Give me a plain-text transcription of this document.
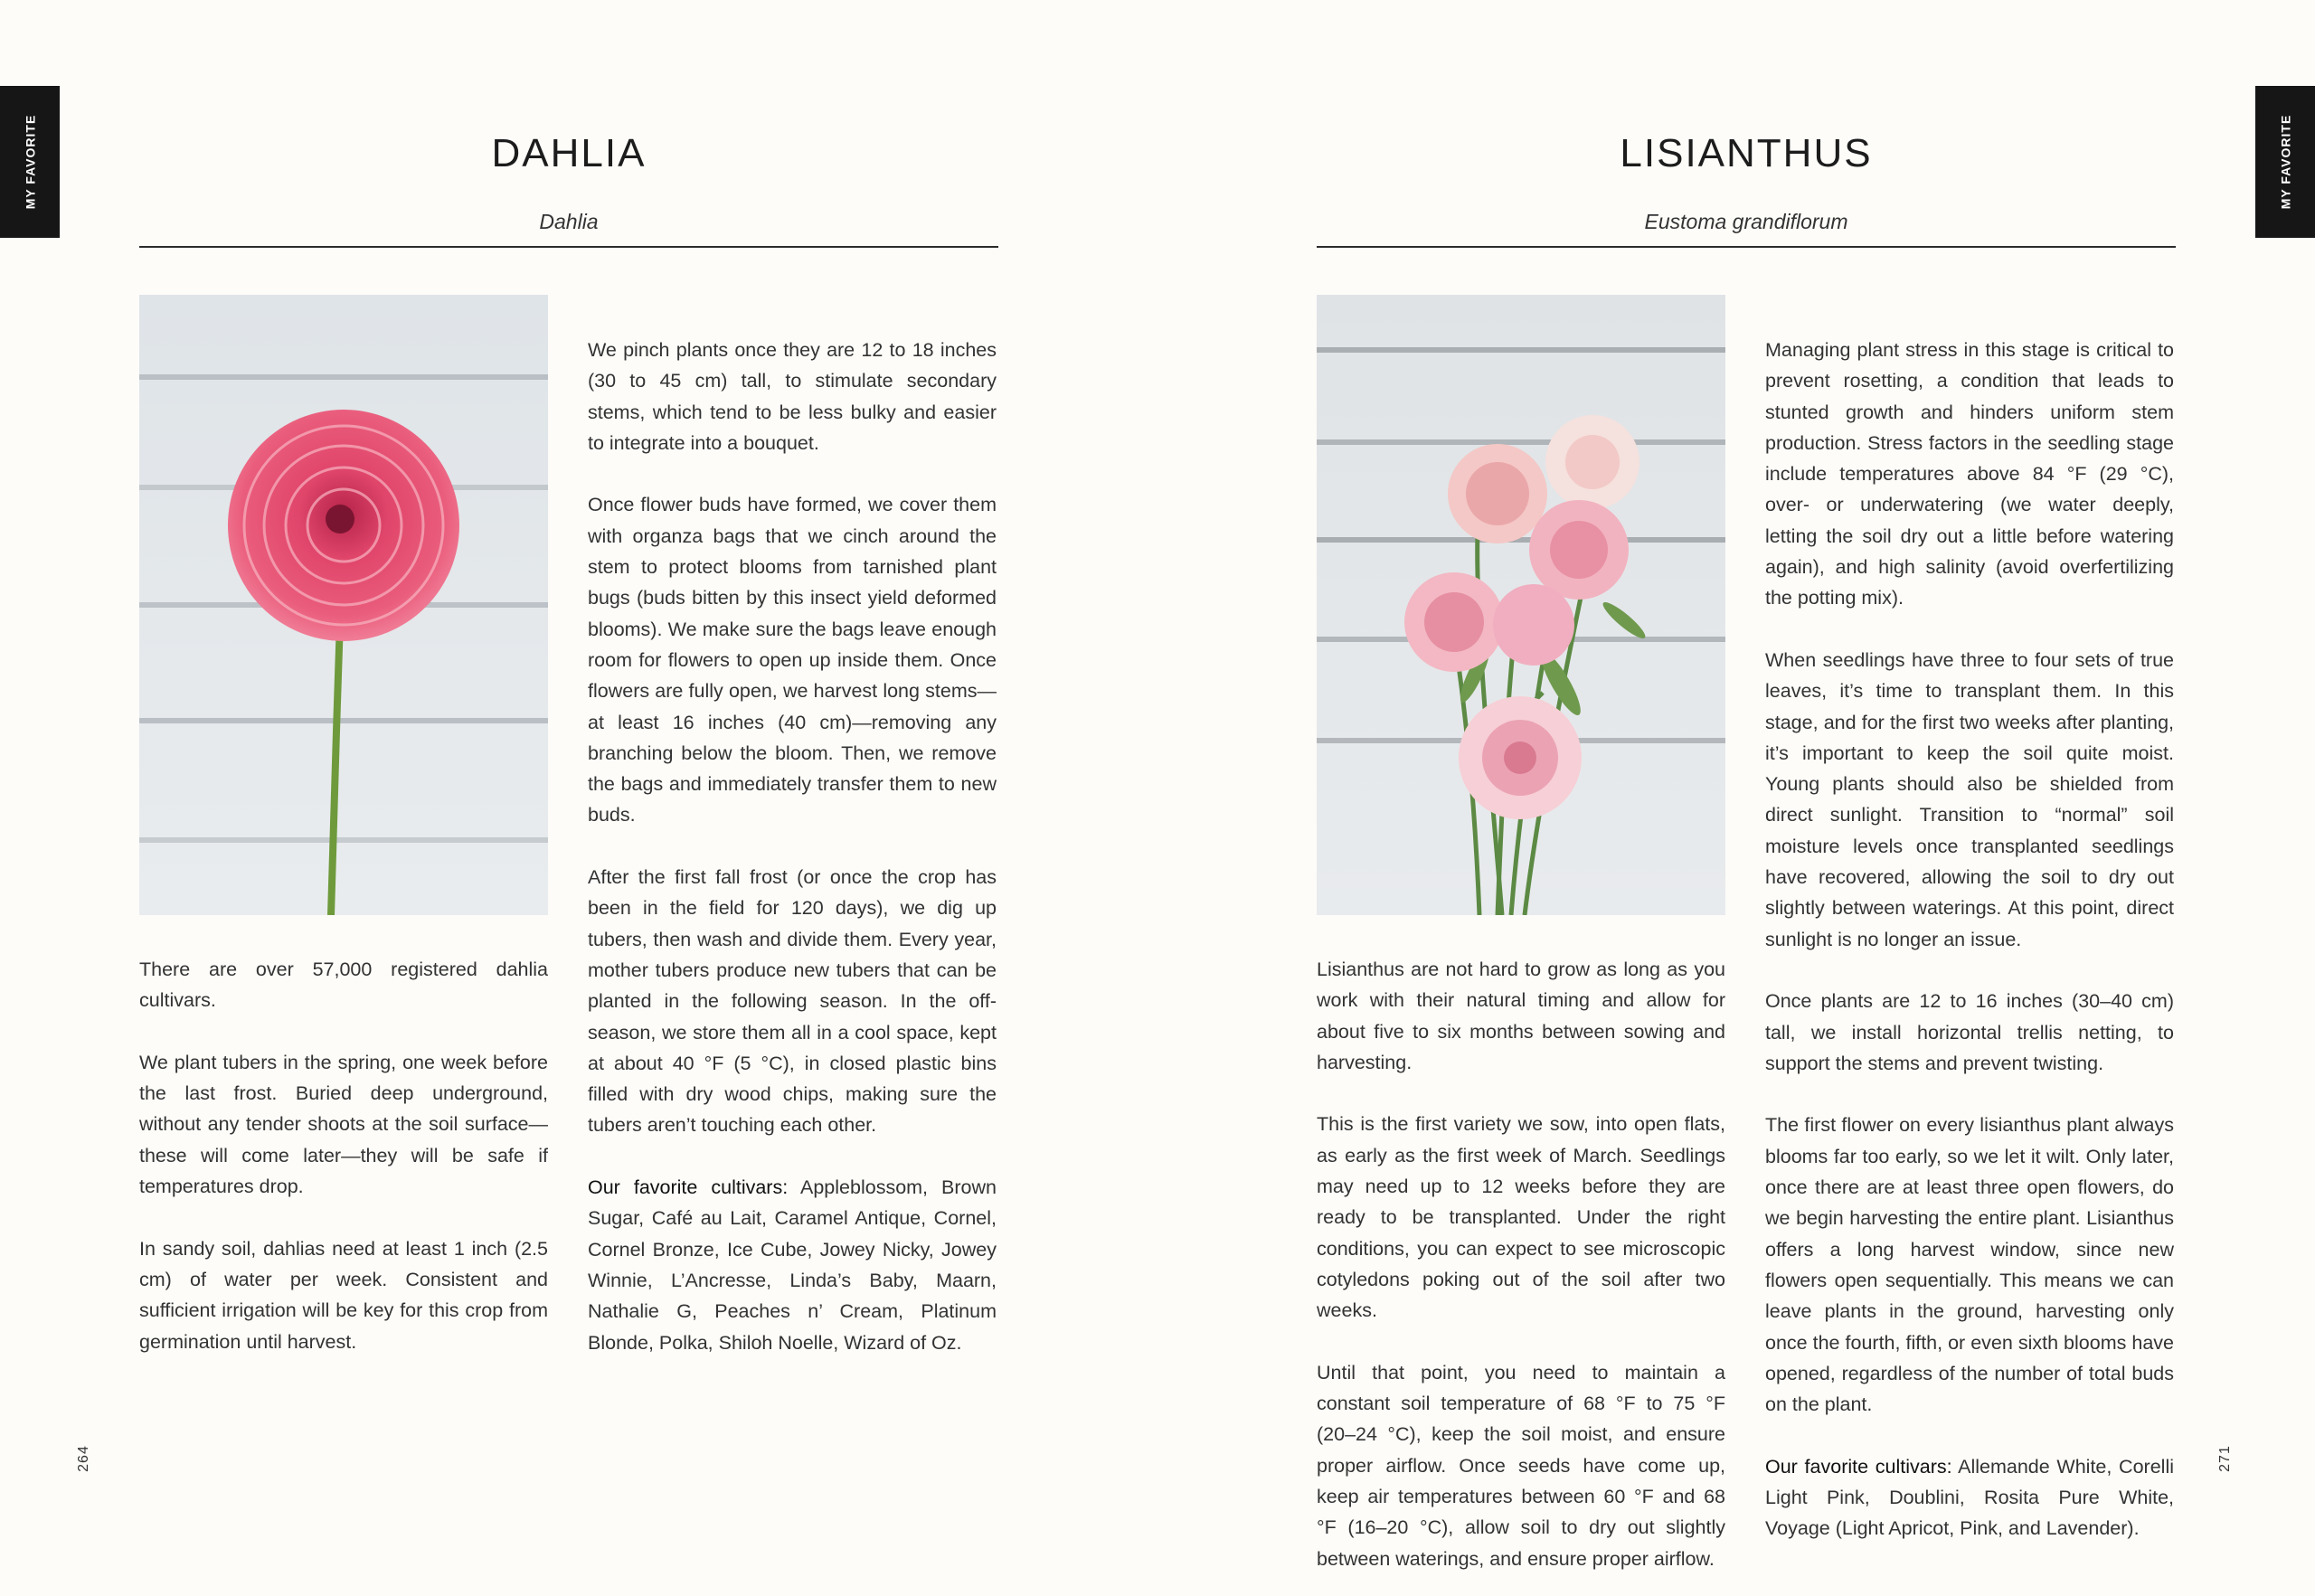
MY FAVORITE	DAHLIA
Dahlia

There are over 57,000 registered dahlia cultivars.

We plant tubers in the spring, one week before the last frost. Buried deep underground, without any tender shoots at the soil surface—these will come later—they will be safe if temperatures drop.

In sandy soil, dahlias need at least 1 inch (2.5 cm) of water per week. Consistent and sufficient irrigation will be key for this crop from germination until harvest.

We pinch plants once they are 12 to 18 inches (30 to 45 cm) tall, to stimulate secondary stems, which tend to be less bulky and easier to integrate into a bouquet.

Once flower buds have formed, we cover them with organza bags that we cinch around the stem to protect blooms from tarnished plant bugs (buds bitten by this insect yield deformed blooms). We make sure the bags leave enough room for flowers to open up inside them. Once flowers are fully open, we harvest long stems—at least 16 inches (40 cm)—removing any branching below the bloom. Then, we remove the bags and immediately transfer them to new buds.

After the first fall frost (or once the crop has been in the field for 120 days), we dig up tubers, then wash and divide them. Every year, mother tubers produce new tubers that can be planted in the following season. In the off-season, we store them all in a cool space, kept at about 40 °F (5 °C), in closed plastic bins filled with dry wood chips, making sure the tubers aren’t touching each other.

Our favorite cultivars: Appleblossom, Brown Sugar, Café au Lait, Caramel Antique, Cornel, Cornel Bronze, Ice Cube, Jowey Nicky, Jowey Winnie, L’Ancresse, Linda’s Baby, Maarn, Nathalie G, Peaches n’ Cream, Platinum Blonde, Polka, Shiloh Noelle, Wizard of Oz.

264
MY FAVORITE
LISIANTHUS
Eustoma grandiflorum

Lisianthus are not hard to grow as long as you work with their natural timing and allow for about five to six months between sowing and harvesting.

This is the first variety we sow, into open flats, as early as the first week of March. Seedlings may need up to 12 weeks before they are ready to be transplanted. Under the right conditions, you can expect to see microscopic cotyledons poking out of the soil after two weeks.

Until that point, you need to maintain a constant soil temperature of 68 °F to 75 °F (20–24 °C), keep the soil moist, and ensure proper airflow. Once seeds have come up, keep air temperatures between 60 °F and 68 °F (16–20 °C), allow soil to dry out slightly between waterings, and ensure proper airflow.

Managing plant stress in this stage is critical to prevent rosetting, a condition that leads to stunted growth and hinders uniform stem production. Stress factors in the seedling stage include temperatures above 84 °F (29 °C), over- or underwatering (we water deeply, letting the soil dry out a little before watering again), and high salinity (avoid overfertilizing the potting mix).

When seedlings have three to four sets of true leaves, it’s time to transplant them. In this stage, and for the first two weeks after planting, it’s important to keep the soil quite moist. Young plants should also be shielded from direct sunlight. Transition to “normal” soil moisture levels once transplanted seedlings have recovered, allowing the soil to dry out slightly between waterings. At this point, direct sunlight is no longer an issue.

Once plants are 12 to 16 inches (30–40 cm) tall, we install horizontal trellis netting, to support the stems and prevent twisting.

The first flower on every lisianthus plant always blooms far too early, so we let it wilt. Only later, once there are at least three open flowers, do we begin harvesting the entire plant. Lisianthus offers a long harvest window, since new flowers open sequentially. This means we can leave plants in the ground, harvesting only once the fourth, fifth, or even sixth blooms have opened, regardless of the number of total buds on the plant.

Our favorite cultivars: Allemande White, Corelli Light Pink, Doublini, Rosita Pure White, Voyage (Light Apricot, Pink, and Lavender).

271
